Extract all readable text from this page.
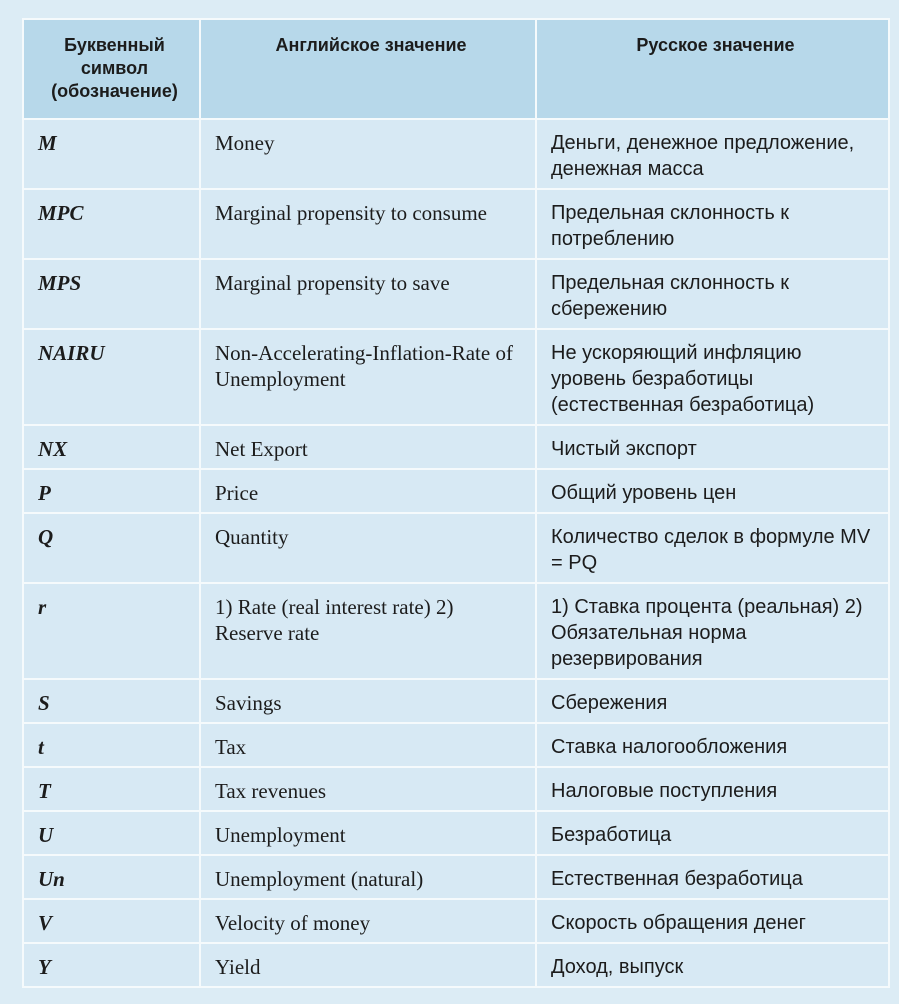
Буквенный символ (обозначение)	Английское значение	Русское значение
M	Money	Деньги, денежное предложение, денежная масса
MPC	Marginal propensity to consume	Предельная склонность к потреблению
MPS	Marginal propensity to save	Предельная склонность к сбережению
NAIRU	Non-Accelerating-Inflation-Rate of Unemployment	Не ускоряющий инфляцию уровень безработицы (естественная безработица)
NX	Net Export	Чистый экспорт
P	Price	Общий уровень цен
Q	Quantity	Количество сделок в формуле MV = PQ
r	1) Rate (real interest rate) 2) Reserve rate	1) Ставка процента (реальная) 2) Обязательная норма резервирования
S	Savings	Сбережения
t	Tax	Ставка налогообложения
T	Tax revenues	Налоговые поступления
U	Unemployment	Безработица
Un	Unemployment (natural)	Естественная безработица
V	Velocity of money	Скорость обращения денег
Y	Yield	Доход, выпуск
